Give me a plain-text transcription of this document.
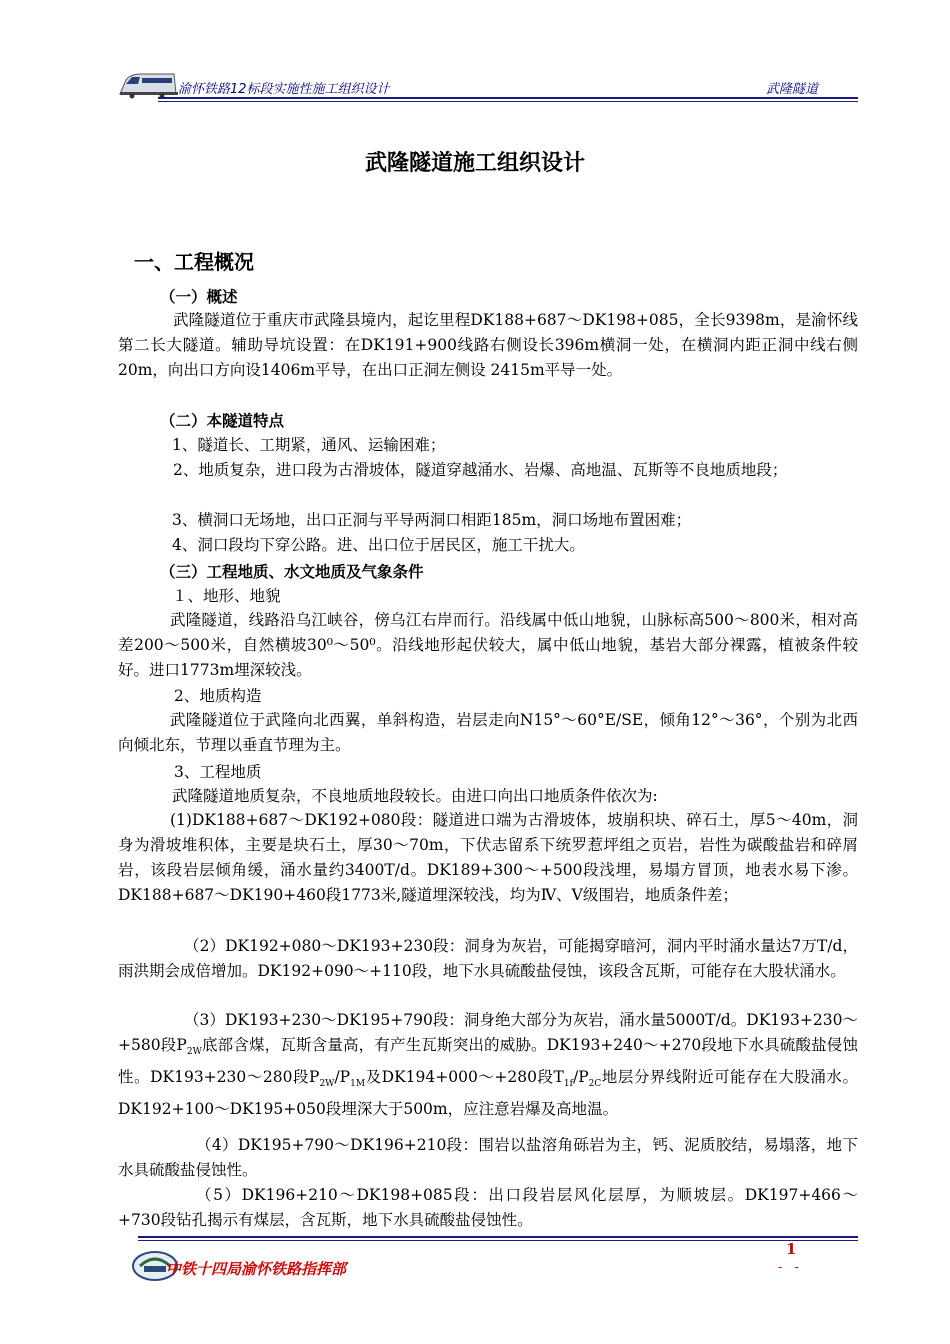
渝怀铁路12标段实施性施工组织设计	武隆隧道
武隆隧道施工组织设计
一、工程概况
（一）概述

武隆隧道位于重庆市武隆县境内，起讫里程DK188+687～DK198+085，全长9398m，是渝怀线第二长大隧道。辅助导坑设置：在DK191+900线路右侧设长396m横洞一处，在横洞内距正洞中线右侧20m，向出口方向设1406m平导，在出口正洞左侧设 2415m平导一处。

（二）本隧道特点
1、隧道长、工期紧，通风、运输困难；

2、地质复杂，进口段为古滑坡体，隧道穿越涌水、岩爆、高地温、瓦斯等不良地质地段；

3、横洞口无场地，出口正洞与平导两洞口相距185m，洞口场地布置困难；
4、洞口段均下穿公路。进、出口位于居民区，施工干扰大。
（三）工程地质、水文地质及气象条件
１、地形、地貌

武隆隧道，线路沿乌江峡谷，傍乌江右岸而行。沿线属中低山地貌，山脉标高500～800米，相对高差200～500米，自然横坡30⁰～50⁰。沿线地形起伏较大，属中低山地貌，基岩大部分裸露，植被条件较好。进口1773m埋深较浅。

2、地质构造

武隆隧道位于武隆向北西翼，单斜构造，岩层走向N15°～60°E/SE，倾角12°～36°，个别为北西向倾北东，节理以垂直节理为主。

3、工程地质
武隆隧道地质复杂，不良地质地段较长。由进口向出口地质条件依次为:

(1)DK188+687～DK192+080段：隧道进口端为古滑坡体，坡崩积块、碎石土，厚5～40m，洞身为滑坡堆积体，主要是块石土，厚30～70m，下伏志留系下统罗惹坪组之页岩，岩性为碳酸盐岩和碎屑岩，该段岩层倾角缓，涌水量约3400T/d。DK189+300～+500段浅埋，易塌方冒顶，地表水易下渗。DK188+687～DK190+460段1773米,隧道埋深较浅，均为Ⅳ、Ⅴ级围岩，地质条件差；

（2）DK192+080～DK193+230段：洞身为灰岩，可能揭穿暗河，洞内平时涌水量达7万T/d，雨洪期会成倍增加。DK192+090～+110段，地下水具硫酸盐侵蚀，该段含瓦斯，可能存在大股状涌水。

（3）DK193+230～DK195+790段：洞身绝大部分为灰岩，涌水量5000T/d。DK193+230～+580段$P_{2W}$底部含煤，瓦斯含量高，有产生瓦斯突出的威胁。DK193+240～+270段地下水具硫酸盐侵蚀性。DK193+230～280段$P_{2W}/P_{1M}$及DK194+000～+280段$T_{1f}/P_{2C}$地层分界线附近可能存在大股涌水。DK192+100～DK195+050段埋深大于500m，应注意岩爆及高地温。

（4）DK195+790～DK196+210段：围岩以盐溶角砾岩为主，钙、泥质胶结，易塌落，地下水具硫酸盐侵蚀性。

（5）DK196+210～DK198+085段：出口段岩层风化层厚，为顺坡层。DK197+466～+730段钻孔揭示有煤层，含瓦斯，地下水具硫酸盐侵蚀性。

中铁十四局渝怀铁路指挥部
1
- -
